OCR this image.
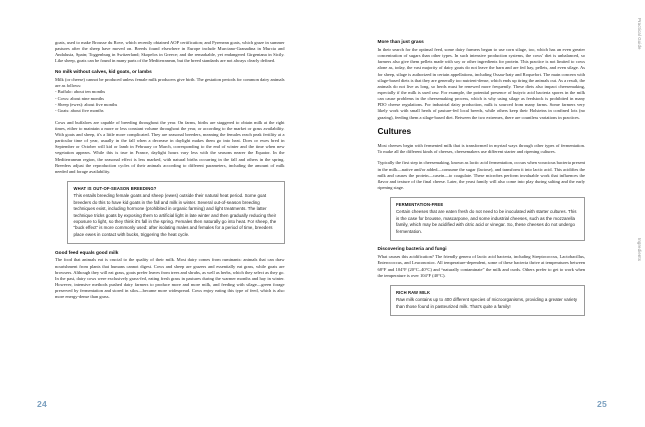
goats, used to make Brousse du Rove, which recently obtained AOP certification; and Pyrenean goats, which graze in summer pastures after the sheep have moved on. Breeds found elsewhere in Europe include Murciano-Granadina in Murcia and Andalusia, Spain; Toggenburg in Switzerland; Skopelos in Greece; and the remarkable, yet endangered Girgentana in Sicily. Like sheep, goats can be found in many parts of the Mediterranean, but the breed standards are not always clearly defined.

No milk without calves, kid goats, or lambs

Milk (or cheese) cannot be produced unless female milk producers give birth. The gestation periods for common dairy animals are as follows:

- Buffalo: about ten months
- Cows: about nine months
- Sheep (ewes): about five months
- Goats: about five months

Cows and buffaloes are capable of breeding throughout the year. On farms, births are staggered to obtain milk at the right times, either to maintain a more or less constant volume throughout the year, or according to the market or grass availability. With goats and sheep, it's a little more complicated. They are seasonal breeders, meaning the females reach peak fertility at a particular time of year, usually in the fall when a decrease in daylight makes them go into heat. Does or ewes bred in September or October will kid or lamb in February or March, corresponding to the end of winter and the time when new vegetation appears. While this is true in France, daylight hours vary less with the seasons nearer the Equator. In the Mediterranean region, the seasonal effect is less marked, with natural births occurring in the fall and others in the spring. Breeders adjust the reproduction cycles of their animals according to different parameters, including the amount of milk needed and forage availability.

WHAT IS OUT-OF-SEASON BREEDING?

This entails breeding female goats and sheep (ewes) outside their natural heat period. Some goat breeders do this to have kid goats in the fall and milk in winter. Several out-of-season breeding techniques exist, including hormone (prohibited in organic farming) and light treatments. The latter technique tricks goats by exposing them to artificial light in late winter and then gradually reducing their exposure to light, so they think it's fall in the spring. Females then naturally go into heat. For sheep, the “buck effect” is more commonly used: after isolating males and females for a period of time, breeders place ewes in contact with bucks, triggering the heat cycle.

Good feed equals good milk

The food that animals eat is crucial to the quality of their milk. Most dairy comes from ruminants: animals that can draw nourishment from plants that humans cannot digest. Cows and sheep are grazers and essentially eat grass, while goats are browsers. Although they will eat grass, goats prefer leaves from trees and shrubs, as well as herbs, which they select as they go. In the past, dairy cows were exclusively grass-fed, eating fresh grass in pastures during the warmer months and hay in winter. However, intensive methods pushed dairy farmers to produce more and more milk, and feeding with silage—green forage preserved by fermentation and stored in silos—became more widespread. Cows enjoy eating this type of feed, which is also more energy-dense than grass.

24
More than just grass

In their search for the optimal feed, some dairy farmers began to use corn silage, too, which has an even greater concentration of sugars than other types. In such intensive production systems, the cows’ diet is unbalanced, so farmers also give them pellets made with soy or other ingredients for protein. This practice is not limited to cows alone as, today, the vast majority of dairy goats do not leave the barn and are fed hay, pellets, and even silage. As for sheep, silage is authorized in certain appellations, including Ossau-Iraty and Roquefort. The main concern with silage-based diets is that they are generally too nutrient-dense, which ends up tiring the animals out. As a result, the animals do not live as long, so herds must be renewed more frequently. These diets also impact cheesemaking, especially if the milk is used raw. For example, the potential presence of butyric acid bacteria spores in the milk can cause problems in the cheesemaking process, which is why using silage as feedstock is prohibited in many PDO cheese regulations. For industrial dairy production, milk is sourced from many farms. Some farmers very likely work with small herds of pasture-fed local breeds, while others keep their Holsteins in confined lots (no grazing), feeding them a silage-based diet. Between the two extremes, there are countless variations in practices.

Cultures

Most cheeses begin with fermented milk that is transformed in myriad ways through other types of fermentation. To make all the different kinds of cheeses, cheesemakers use different starter and ripening cultures.

Typically the first step in cheesemaking, known as lactic acid fermentation, occurs when voracious bacteria present in the milk—native and/or added—consume the sugar (lactose), and transform it into lactic acid. This acidifies the milk and causes the protein—casein—to coagulate. These microbes perform invaluable work that influences the flavor and texture of the final cheese. Later, the yeast family will also come into play during salting and the early ripening stage.

FERMENTATION-FREE

Certain cheeses that are eaten fresh do not need to be inoculated with starter cultures. This is the case for brousse, mascarpone, and some industrial cheeses, such as the mozzarella family, which may be acidified with citric acid or vinegar. So, these cheeses do not undergo fermentation.

Discovering bacteria and fungi

What causes this acidification? The friendly genera of lactic acid bacteria, including Streptococcus, Lactobacillus, Enterococcus, and Leuconostoc. All temperature-dependent, some of these bacteria thrive at temperatures between 68°F and 104°F (20°C–40°C) and “naturally contaminate” the milk and curds. Others prefer to get to work when the temperature is over 104°F (40°C).

RICH RAW MILK

Raw milk contains up to 400 different species of microorganisms, providing a greater variety than those found in pasteurized milk. That's quite a family!

25
Practical Guide
Ingredients
